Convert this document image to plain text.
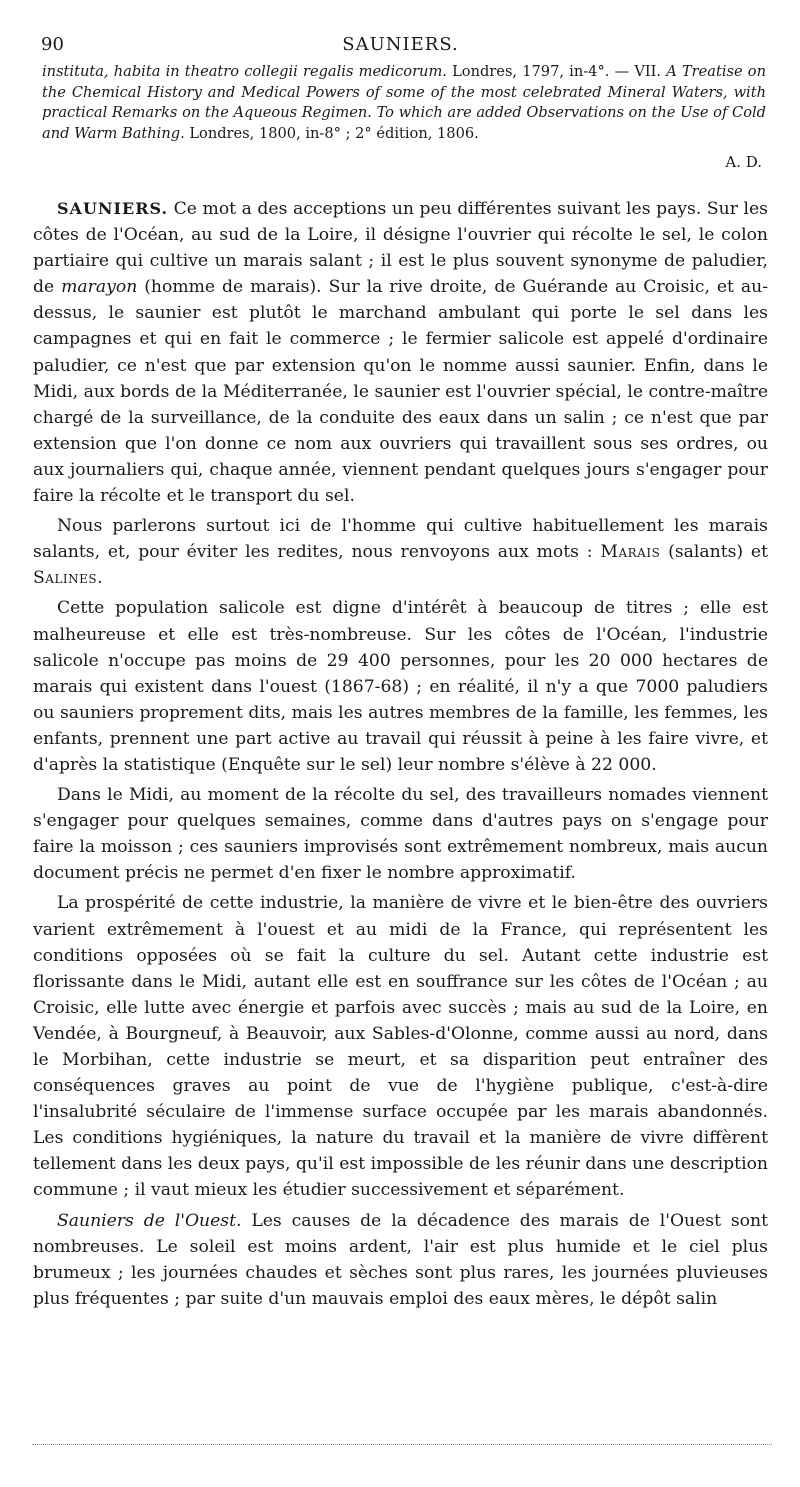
90	SAUNIERS.
instituta, habita in theatro collegii regalis medicorum. Londres, 1797, in-4°. — VII. A Treatise on the Chemical History and Medical Powers of some of the most celebrated Mineral Waters, with practical Remarks on the Aqueous Regimen. To which are added Observations on the Use of Cold and Warm Bathing. Londres, 1800, in-8° ; 2° édition, 1806.
A. D.

SAUNIERS. Ce mot a des acceptions un peu différentes suivant les pays. Sur les côtes de l'Océan, au sud de la Loire, il désigne l'ouvrier qui récolte le sel, le colon partiaire qui cultive un marais salant ; il est le plus souvent synonyme de paludier, de marayon (homme de marais). Sur la rive droite, de Guérande au Croisic, et au-dessus, le saunier est plutôt le marchand ambulant qui porte le sel dans les campagnes et qui en fait le commerce ; le fermier salicole est appelé d'ordinaire paludier, ce n'est que par extension qu'on le nomme aussi saunier. Enfin, dans le Midi, aux bords de la Méditerranée, le saunier est l'ouvrier spécial, le contre-maître chargé de la surveillance, de la conduite des eaux dans un salin ; ce n'est que par extension que l'on donne ce nom aux ouvriers qui travaillent sous ses ordres, ou aux journaliers qui, chaque année, viennent pendant quelques jours s'engager pour faire la récolte et le transport du sel.

Nous parlerons surtout ici de l'homme qui cultive habituellement les marais salants, et, pour éviter les redites, nous renvoyons aux mots : Marais (salants) et Salines.

Cette population salicole est digne d'intérêt à beaucoup de titres ; elle est malheureuse et elle est très-nombreuse. Sur les côtes de l'Océan, l'industrie salicole n'occupe pas moins de 29 400 personnes, pour les 20 000 hectares de marais qui existent dans l'ouest (1867-68) ; en réalité, il n'y a que 7000 paludiers ou sauniers proprement dits, mais les autres membres de la famille, les femmes, les enfants, prennent une part active au travail qui réussit à peine à les faire vivre, et d'après la statistique (Enquête sur le sel) leur nombre s'élève à 22 000.

Dans le Midi, au moment de la récolte du sel, des travailleurs nomades viennent s'engager pour quelques semaines, comme dans d'autres pays on s'engage pour faire la moisson ; ces sauniers improvisés sont extrêmement nombreux, mais aucun document précis ne permet d'en fixer le nombre approximatif.

La prospérité de cette industrie, la manière de vivre et le bien-être des ouvriers varient extrêmement à l'ouest et au midi de la France, qui représentent les conditions opposées où se fait la culture du sel. Autant cette industrie est florissante dans le Midi, autant elle est en souffrance sur les côtes de l'Océan ; au Croisic, elle lutte avec énergie et parfois avec succès ; mais au sud de la Loire, en Vendée, à Bourgneuf, à Beauvoir, aux Sables-d'Olonne, comme aussi au nord, dans le Morbihan, cette industrie se meurt, et sa disparition peut entraîner des conséquences graves au point de vue de l'hygiène publique, c'est-à-dire l'insalubrité séculaire de l'immense surface occupée par les marais abandonnés. Les conditions hygiéniques, la nature du travail et la manière de vivre diffèrent tellement dans les deux pays, qu'il est impossible de les réunir dans une description commune ; il vaut mieux les étudier successivement et séparément.

Sauniers de l'Ouest. Les causes de la décadence des marais de l'Ouest sont nombreuses. Le soleil est moins ardent, l'air est plus humide et le ciel plus brumeux ; les journées chaudes et sèches sont plus rares, les journées pluvieuses plus fréquentes ; par suite d'un mauvais emploi des eaux mères, le dépôt salin
